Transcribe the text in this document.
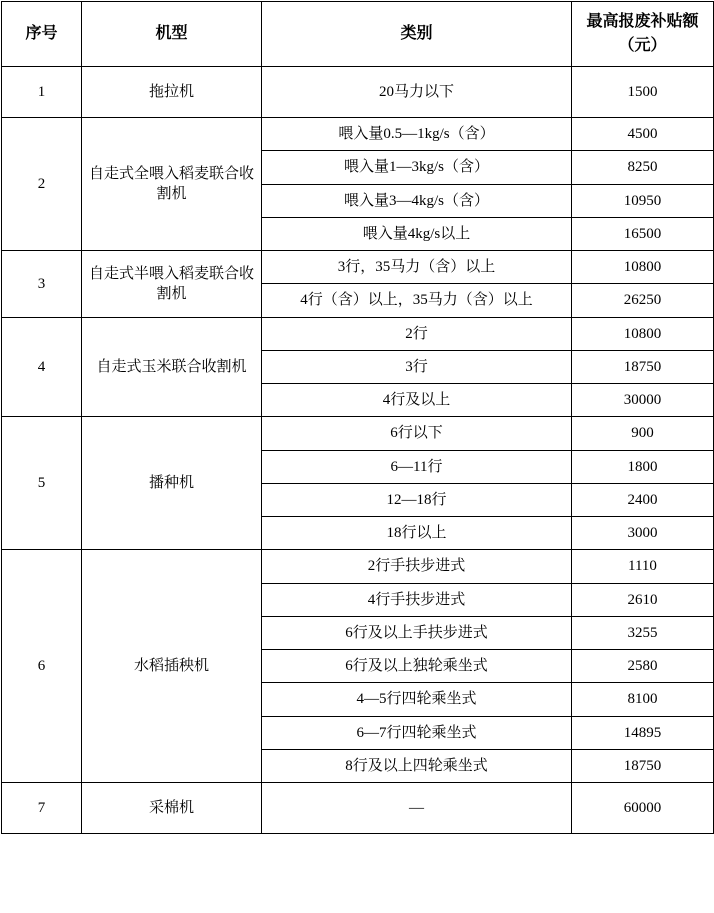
序号	机型	类别	最高报废补贴额（元）
1	拖拉机	20马力以下	1500
2	自走式全喂入稻麦联合收割机	喂入量0.5—1kg/s（含）	4500
		喂入量1—3kg/s（含）	8250
		喂入量3—4kg/s（含）	10950
		喂入量4kg/s以上	16500
3	自走式半喂入稻麦联合收割机	3行，35马力（含）以上	10800
		4行（含）以上，35马力（含）以上	26250
4	自走式玉米联合收割机	2行	10800
		3行	18750
		4行及以上	30000
5	播种机	6行以下	900
		6—11行	1800
		12—18行	2400
		18行以上	3000
6	水稻插秧机	2行手扶步进式	1110
		4行手扶步进式	2610
		6行及以上手扶步进式	3255
		6行及以上独轮乘坐式	2580
		4—5行四轮乘坐式	8100
		6—7行四轮乘坐式	14895
		8行及以上四轮乘坐式	18750
7	采棉机	—	60000
